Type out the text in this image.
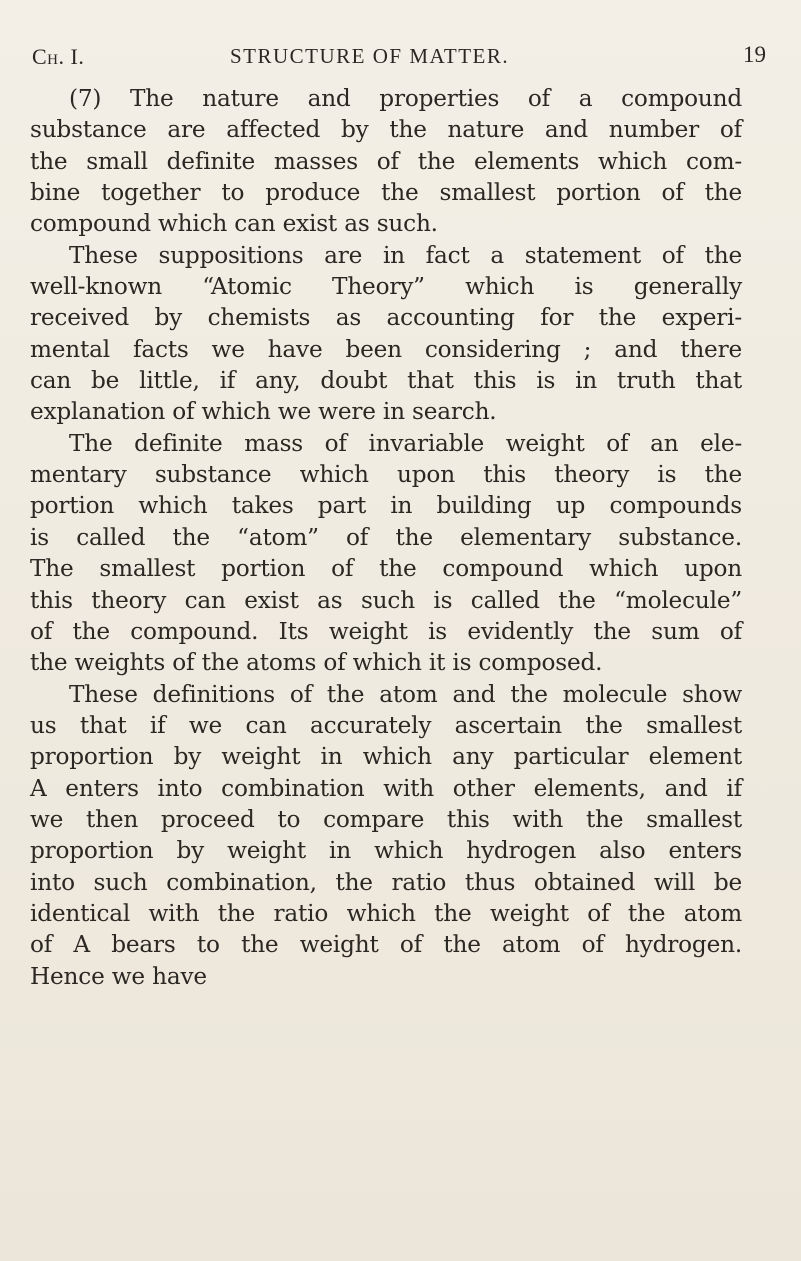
Ch. I.	STRUCTURE OF MATTER.	19
(7) The nature and properties of a compound
substance are affected by the nature and number of
the small definite masses of the elements which com-
bine together to produce the smallest portion of the
compound which can exist as such.
These suppositions are in fact a statement of the
well-known “Atomic Theory” which is generally
received by chemists as accounting for the experi-
mental facts we have been considering ; and there
can be little, if any, doubt that this is in truth that
explanation of which we were in search.
The definite mass of invariable weight of an ele-
mentary substance which upon this theory is the
portion which takes part in building up compounds
is called the “atom” of the elementary substance.
The smallest portion of the compound which upon
this theory can exist as such is called the “molecule”
of the compound. Its weight is evidently the sum of
the weights of the atoms of which it is composed.
These definitions of the atom and the molecule show
us that if we can accurately ascertain the smallest
proportion by weight in which any particular element
A enters into combination with other elements, and if
we then proceed to compare this with the smallest
proportion by weight in which hydrogen also enters
into such combination, the ratio thus obtained will be
identical with the ratio which the weight of the atom
of A bears to the weight of the atom of hydrogen.
Hence we have
